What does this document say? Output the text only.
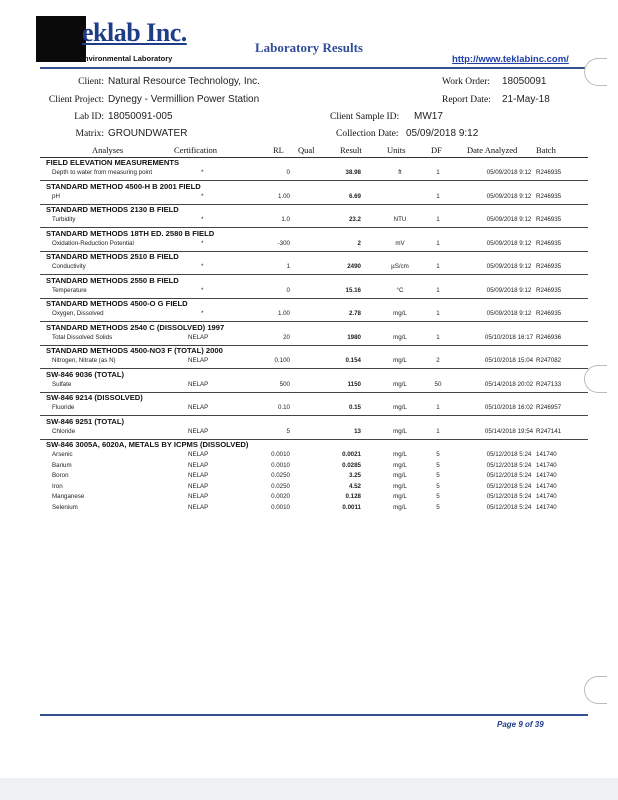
eklab Inc.
nvironmental Laboratory
Laboratory Results
http://www.teklabinc.com/
Client: Natural Resource Technology, Inc.
Client Project: Dynegy - Vermillion Power Station
Lab ID: 18050091-005
Matrix: GROUNDWATER
Work Order: 18050091
Report Date: 21-May-18
Client Sample ID: MW17
Collection Date: 05/09/2018 9:12
Analyses	Certification	RL Qual	Result	Units	DF	Date Analyzed Batch
FIELD ELEVATION MEASUREMENTS
Depth to water from measuring point	*	0	38.98	ft	1	05/09/2018 9:12 R246935
STANDARD METHOD 4500-H B 2001 FIELD
pH	*	1.00	6.69	1	05/09/2018 9:12 R246935
STANDARD METHODS 2130 B FIELD
Turbidity	*	1.0	23.2	NTU	1	05/09/2018 9:12 R246935
STANDARD METHODS 18TH ED. 2580 B FIELD
Oxidation-Reduction Potential	*	-300	2	mV	1	05/09/2018 9:12 R246935
STANDARD METHODS 2510 B FIELD
Conductivity	*	1	2490	µS/cm	1	05/09/2018 9:12 R246935
STANDARD METHODS 2550 B FIELD
Temperature	*	0	15.16	°C	1	05/09/2018 9:12 R246935
STANDARD METHODS 4500-O G FIELD
Oxygen, Dissolved	*	1.00	2.78	mg/L	1	05/09/2018 9:12 R246935
STANDARD METHODS 2540 C (DISSOLVED) 1997
Total Dissolved Solids	NELAP	20	1980	mg/L	1	05/10/2018 16:17 R246936
STANDARD METHODS 4500-NO3 F (TOTAL) 2000
Nitrogen, Nitrate (as N)	NELAP	0.100	0.154	mg/L	2	05/10/2018 15:04 R247082
SW-846 9036 (TOTAL)
Sulfate	NELAP	500	1150	mg/L	50	05/14/2018 20:02 R247133
SW-846 9214 (DISSOLVED)
Fluoride	NELAP	0.10	0.15	mg/L	1	05/10/2018 16:02 R246957
SW-846 9251 (TOTAL)
Chloride	NELAP	5	13	mg/L	1	05/14/2018 19:54 R247141
SW-846 3005A, 6020A, METALS BY ICPMS (DISSOLVED)
Arsenic	NELAP	0.0010	0.0021	mg/L	5	05/12/2018 5:24 141740
Barium	NELAP	0.0010	0.0285	mg/L	5	05/12/2018 5:24 141740
Boron	NELAP	0.0250	3.25	mg/L	5	05/12/2018 5:24 141740
Iron	NELAP	0.0250	4.52	mg/L	5	05/12/2018 5:24 141740
Manganese	NELAP	0.0020	0.128	mg/L	5	05/12/2018 5:24 141740
Selenium	NELAP	0.0010	0.0011	mg/L	5	05/12/2018 5:24 141740
Page 9 of 39
